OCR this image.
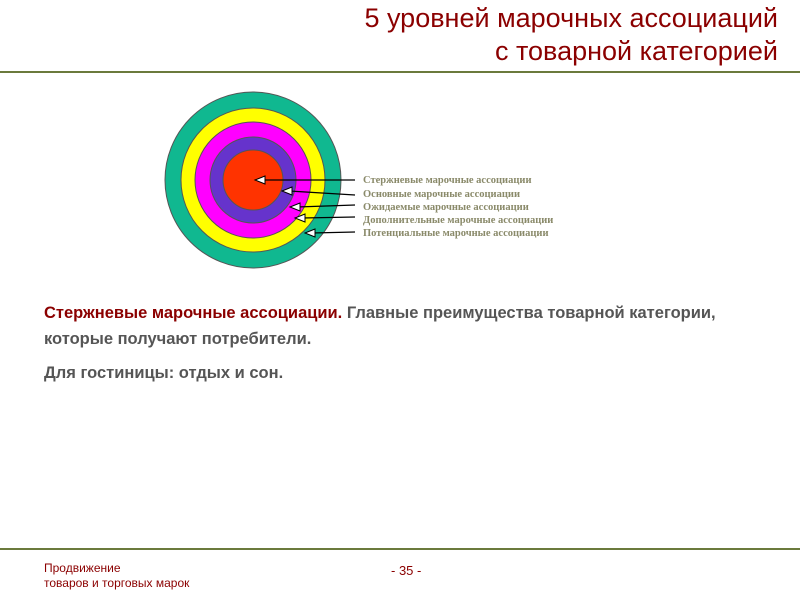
5 уровней марочных ассоциаций
с товарной категорией
Стержневые марочные ассоциации
Основные марочные ассоциации
Ожидаемые марочные ассоциации
Дополнительные марочные ассоциации
Потенциальные марочные ассоциации

Стержневые марочные ассоциации. Главные преимущества товарной категории, которые получают потребители.

Для гостиницы: отдых и сон.

Продвижение
товаров и торговых марок
- 35 -
